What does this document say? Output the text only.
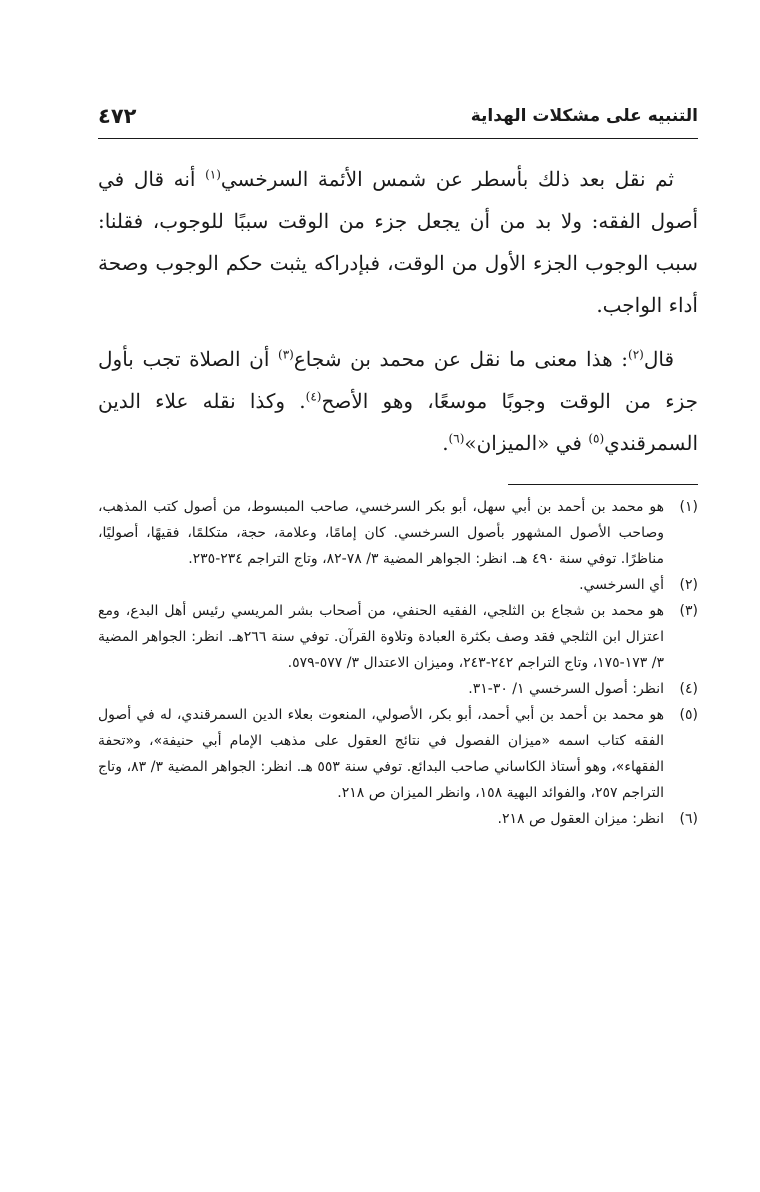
التنبيه على مشكلات الهداية
٤٧٢

ثم نقل بعد ذلك بأسطر عن شمس الأئمة السرخسي$^{(١)}$ أنه قال في أصول الفقه: ولا بد من أن يجعل جزء من الوقت سببًا للوجوب، فقلنا: سبب الوجوب الجزء الأول من الوقت، فبإدراكه يثبت حكم الوجوب وصحة أداء الواجب.

قال$^{(٢)}$: هذا معنى ما نقل عن محمد بن شجاع$^{(٣)}$ أن الصلاة تجب بأول جزء من الوقت وجوبًا موسعًا، وهو الأصح$^{(٤)}$. وكذا نقله علاء الدين السمرقندي$^{(٥)}$ في «الميزان»$^{(٦)}$.

(١)
هو محمد بن أحمد بن أبي سهل، أبو بكر السرخسي، صاحب المبسوط، من أصول كتب المذهب، وصاحب الأصول المشهور بأصول السرخسي. كان إمامًا، وعلامة، حجة، متكلمًا، فقيهًا، أصوليًا، مناظرًا. توفي سنة ٤٩٠ هـ. انظر: الجواهر المضية ٣/ ٧٨-٨٢، وتاج التراجم ٢٣٤-٢٣٥.
(٢)
أي السرخسي.
(٣)
هو محمد بن شجاع بن الثلجي، الفقيه الحنفي، من أصحاب بشر المريسي رئيس أهل البدع، ومع اعتزال ابن الثلجي فقد وصف بكثرة العبادة وتلاوة القرآن. توفي سنة ٢٦٦هـ. انظر: الجواهر المضية ٣/ ١٧٣-١٧٥، وتاج التراجم ٢٤٢-٢٤٣، وميزان الاعتدال ٣/ ٥٧٧-٥٧٩.
(٤)
انظر: أصول السرخسي ١/ ٣٠-٣١.
(٥)
هو محمد بن أحمد بن أبي أحمد، أبو بكر، الأصولي، المنعوت بعلاء الدين السمرقندي، له في أصول الفقه كتاب اسمه «ميزان الفصول في نتائج العقول على مذهب الإمام أبي حنيفة»، و«تحفة الفقهاء»، وهو أستاذ الكاساني صاحب البدائع. توفي سنة ٥٥٣ هـ. انظر: الجواهر المضية ٣/ ٨٣، وتاج التراجم ٢٥٧، والفوائد البهية ١٥٨، وانظر الميزان ص ٢١٨.
(٦)
انظر: ميزان العقول ص ٢١٨.
